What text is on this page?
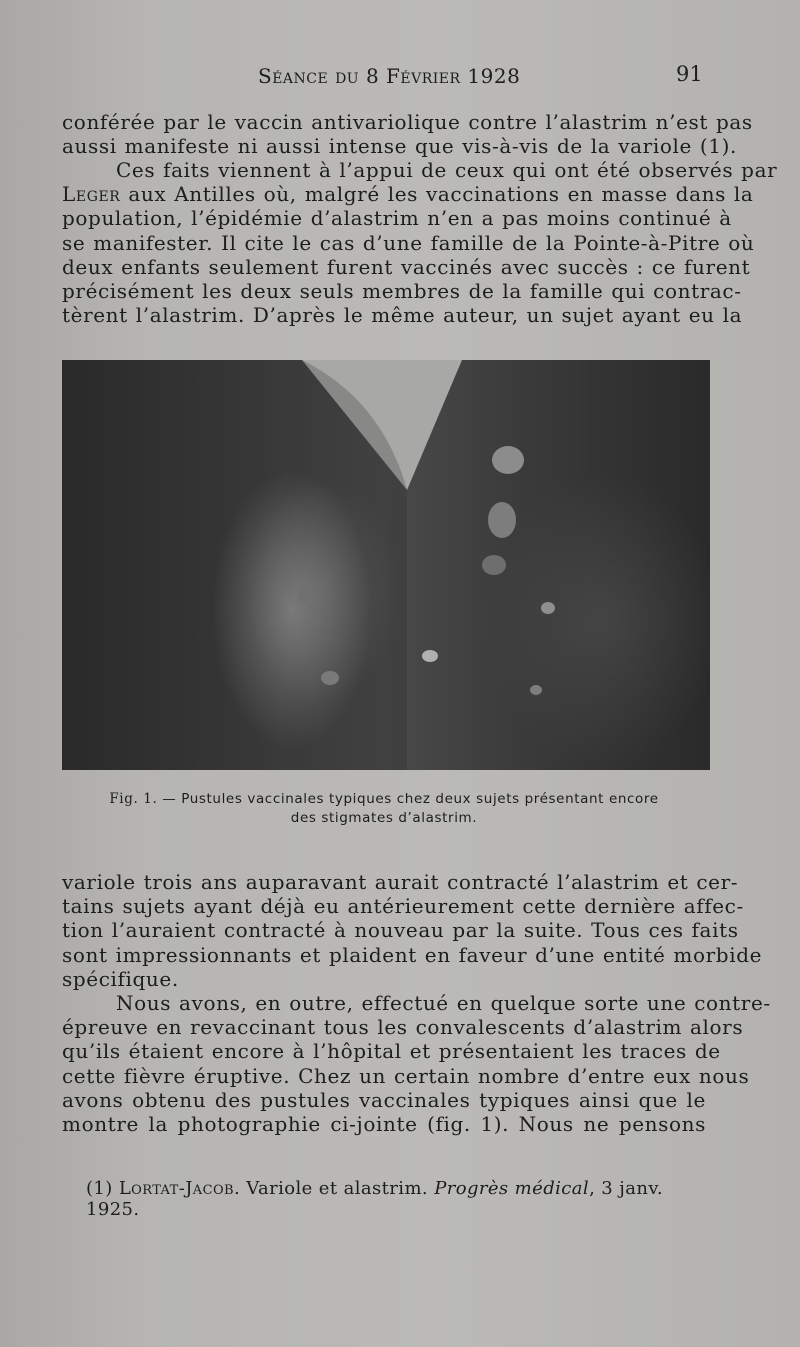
Séance du 8 Février 1928	91

conférée par le vaccin antivariolique contre l’alastrim n’est pas
aussi manifeste ni aussi intense que vis-à-vis de la variole (1).

Ces faits viennent à l’appui de ceux qui ont été observés par
Leger aux Antilles où, malgré les vaccinations en masse dans la
population, l’épidémie d’alastrim n’en a pas moins continué à
se manifester. Il cite le cas d’une famille de la Pointe-à-Pitre où
deux enfants seulement furent vaccinés avec succès : ce furent
précisément les deux seuls membres de la famille qui contrac-
tèrent l’alastrim. D’après le même auteur, un sujet ayant eu la

Fig. 1. — Pustules vaccinales typiques chez deux sujets présentant encore
des stigmates d’alastrim.

variole trois ans auparavant aurait contracté l’alastrim et cer-
tains sujets ayant déjà eu antérieurement cette dernière affec-
tion l’auraient contracté à nouveau par la suite. Tous ces faits
sont impressionnants et plaident en faveur d’une entité morbide
spécifique.

Nous avons, en outre, effectué en quelque sorte une contre-
épreuve en revaccinant tous les convalescents d’alastrim alors
qu’ils étaient encore à l’hôpital et présentaient les traces de
cette fièvre éruptive. Chez un certain nombre d’entre eux nous
avons obtenu des pustules vaccinales typiques ainsi que le
montre la photographie ci-jointe (fig. 1). Nous ne pensons

(1) Lortat-Jacob. Variole et alastrim. Progrès médical, 3 janv. 1925.
